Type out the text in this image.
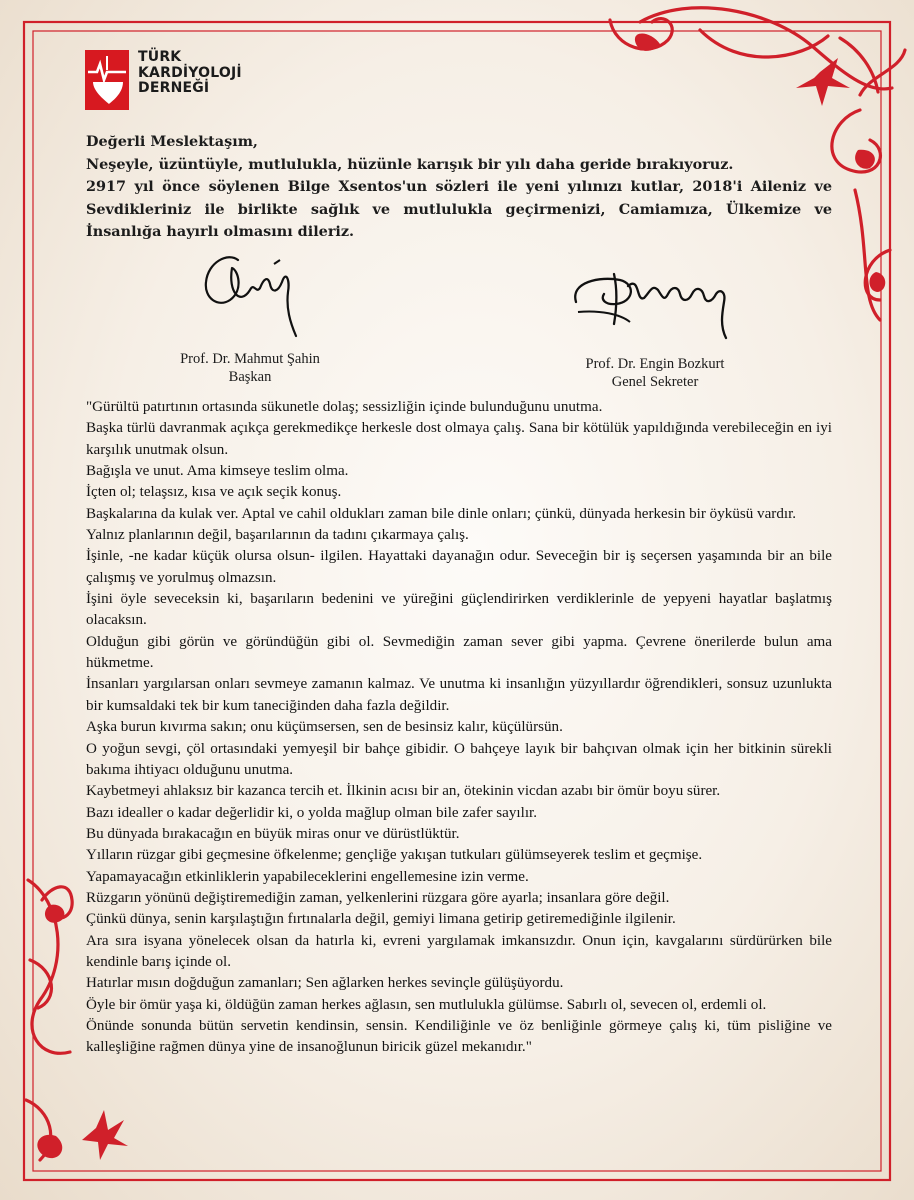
TÜRK
KARDİYOLOJİ
DERNEĞİ

Değerli Meslektaşım,

Neşeyle, üzüntüyle, mutlulukla, hüzünle karışık bir yılı daha geride bırakıyoruz.

2917 yıl önce söylenen Bilge Xsentos'un sözleri ile yeni yılınızı kutlar, 2018'i Aileniz ve Sevdikleriniz ile birlikte sağlık ve mutlulukla geçirmenizi, Camiamıza, Ülkemize ve İnsanlığa hayırlı olmasını dileriz.

Prof. Dr. Mahmut Şahin
Başkan
Prof. Dr. Engin Bozkurt
Genel Sekreter

"Gürültü patırtının ortasında sükunetle dolaş; sessizliğin içinde bulunduğunu unutma.

Başka türlü davranmak açıkça gerekmedikçe herkesle dost olmaya çalış. Sana bir kötülük yapıldığında verebileceğin en iyi karşılık unutmak olsun.

Bağışla ve unut. Ama kimseye teslim olma.

İçten ol; telaşsız, kısa ve açık seçik konuş.

Başkalarına da kulak ver. Aptal ve cahil oldukları zaman bile dinle onları; çünkü, dünyada herkesin bir öyküsü vardır.

Yalnız planlarının değil, başarılarının da tadını çıkarmaya çalış.

İşinle, -ne kadar küçük olursa olsun- ilgilen. Hayattaki dayanağın odur. Seveceğin bir iş seçersen yaşamında bir an bile çalışmış ve yorulmuş olmazsın.

İşini öyle seveceksin ki, başarıların bedenini ve yüreğini güçlendirirken verdiklerinle de yepyeni hayatlar başlatmış olacaksın.

Olduğun gibi görün ve göründüğün gibi ol. Sevmediğin zaman sever gibi yapma. Çevrene önerilerde bulun ama hükmetme.

İnsanları yargılarsan onları sevmeye zamanın kalmaz. Ve unutma ki insanlığın yüzyıllardır öğrendikleri, sonsuz uzunlukta bir kumsaldaki tek bir kum taneciğinden daha fazla değildir.

Aşka burun kıvırma sakın; onu küçümsersen, sen de besinsiz kalır, küçülürsün.

O yoğun sevgi, çöl ortasındaki yemyeşil bir bahçe gibidir. O bahçeye layık bir bahçıvan olmak için her bitkinin sürekli bakıma ihtiyacı olduğunu unutma.

Kaybetmeyi ahlaksız bir kazanca tercih et. İlkinin acısı bir an, ötekinin vicdan azabı bir ömür boyu sürer.

Bazı idealler o kadar değerlidir ki, o yolda mağlup olman bile zafer sayılır.

Bu dünyada bırakacağın en büyük miras onur ve dürüstlüktür.

Yılların rüzgar gibi geçmesine öfkelenme; gençliğe yakışan tutkuları gülümseyerek teslim et geçmişe.

Yapamayacağın etkinliklerin yapabileceklerini engellemesine izin verme.

Rüzgarın yönünü değiştiremediğin zaman, yelkenlerini rüzgara göre ayarla; insanlara göre değil.

Çünkü dünya, senin karşılaştığın fırtınalarla değil, gemiyi limana getirip getiremediğinle ilgilenir.

Ara sıra isyana yönelecek olsan da hatırla ki, evreni yargılamak imkansızdır. Onun için, kavgalarını sürdürürken bile kendinle barış içinde ol.

Hatırlar mısın doğduğun zamanları; Sen ağlarken herkes sevinçle gülüşüyordu.

Öyle bir ömür yaşa ki, öldüğün zaman herkes ağlasın, sen mutlulukla gülümse. Sabırlı ol, sevecen ol, erdemli ol.

Önünde sonunda bütün servetin kendinsin, sensin. Kendiliğinle ve öz benliğinle görmeye çalış ki, tüm pisliğine ve kalleşliğine rağmen dünya yine de insanoğlunun biricik güzel mekanıdır."
